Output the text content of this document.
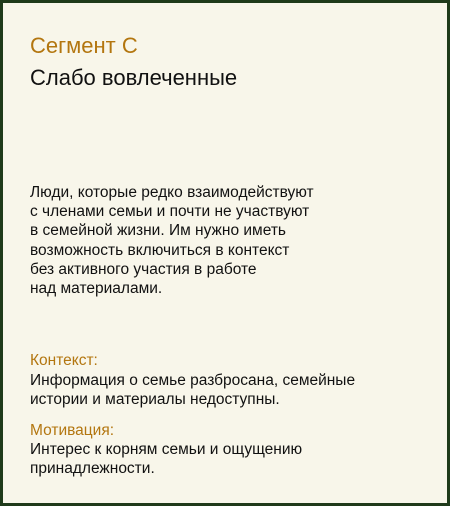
Сегмент C
Слабо вовлеченные
Люди, которые редко взаимодействуют
с членами семьи и почти не участвуют
в семейной жизни. Им нужно иметь
возможность включиться в контекст
без активного участия в работе
над материалами.
Контекст:
Информация о семье разбросана, семейные
истории и материалы недоступны.
Мотивация:
Интерес к корням семьи и ощущению
принадлежности.
